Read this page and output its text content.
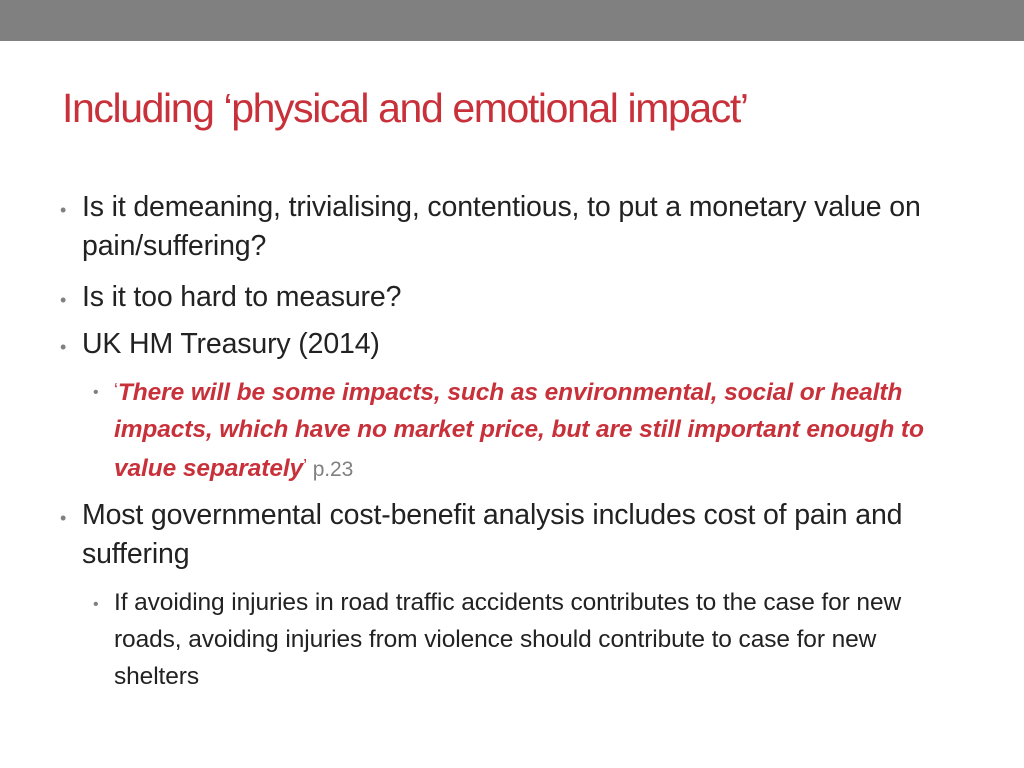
Including ‘physical and emotional impact’
• Is it demeaning, trivialising, contentious, to put a monetary value on pain/suffering?

• Is it too hard to measure?

• UK HM Treasury (2014)

• ‘There will be some impacts, such as environmental, social or health impacts, which have no market price, but are still important enough to value separately’ p.23

• Most governmental cost-benefit analysis includes cost of pain and suffering

• If avoiding injuries in road traffic accidents contributes to the case for new roads, avoiding injuries from violence should contribute to case for new shelters
